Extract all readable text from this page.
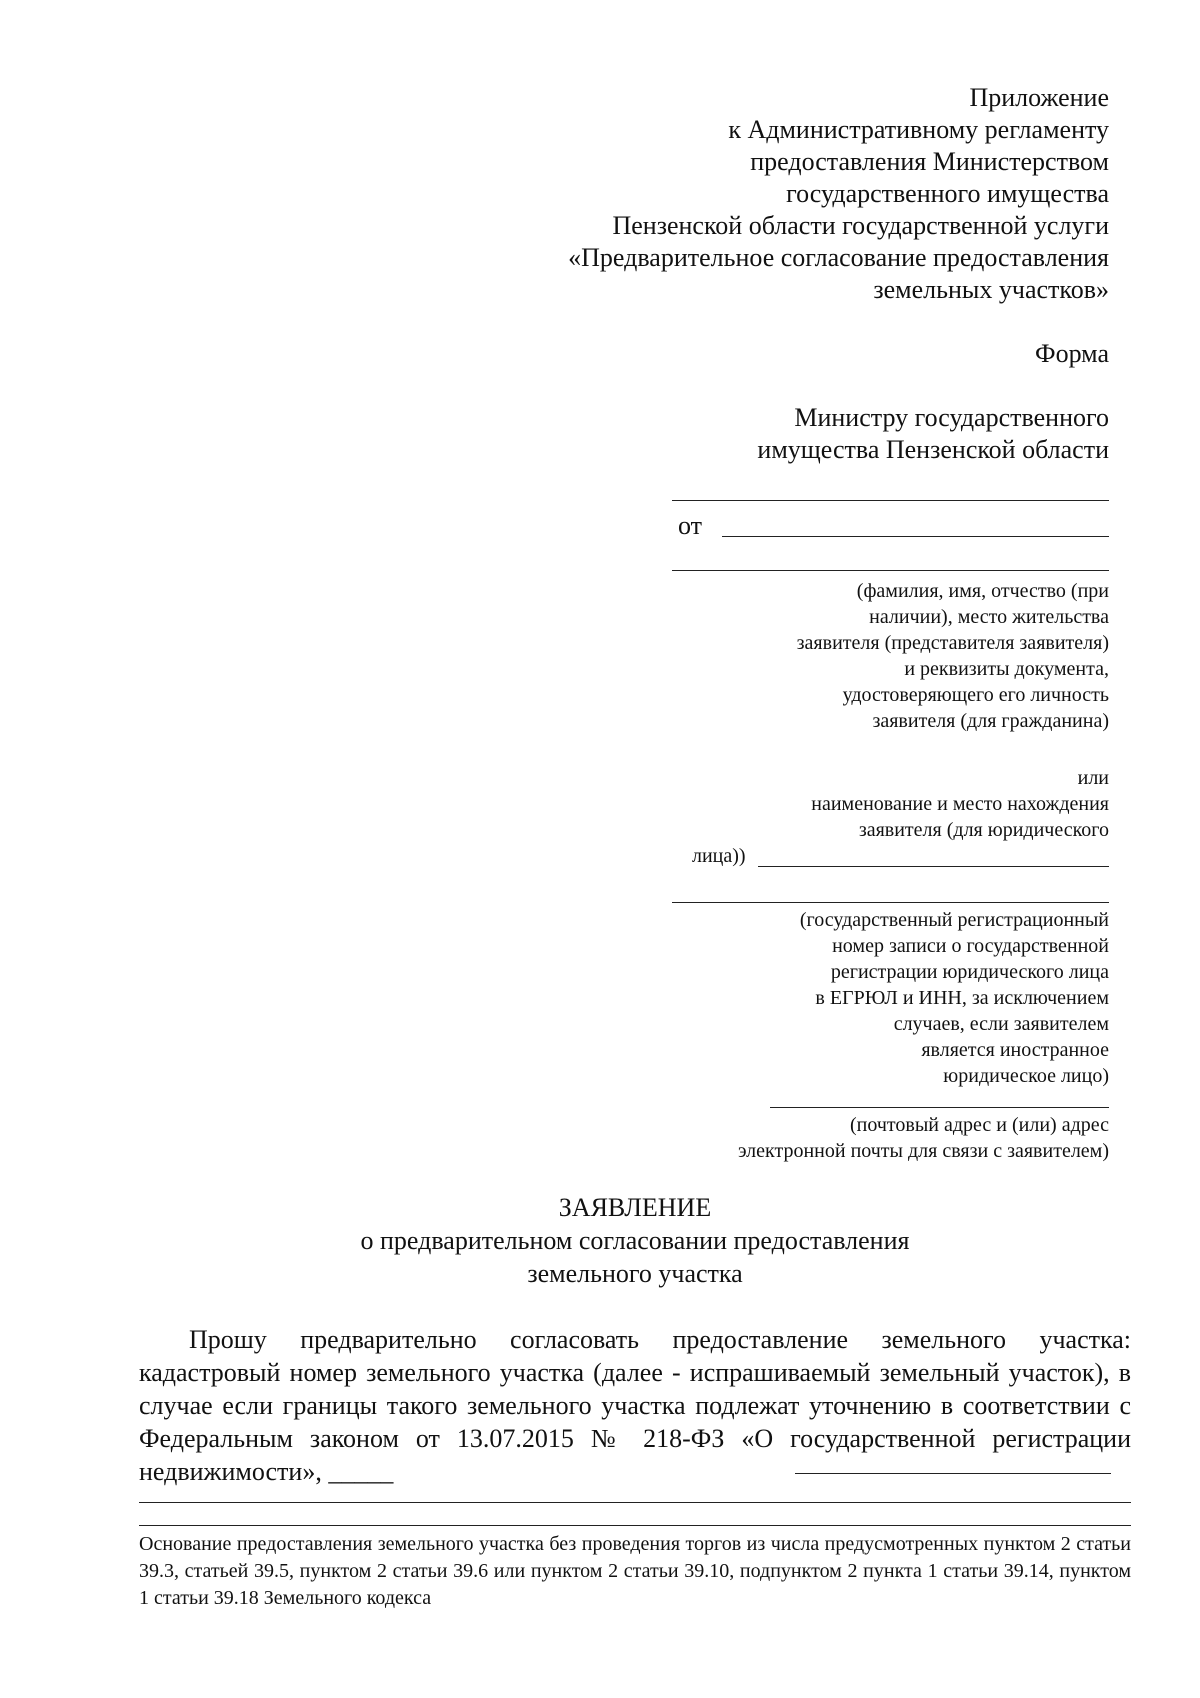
Приложение
к Административному регламенту
предоставления Министерством
государственного имущества
Пензенской области государственной услуги
«Предварительное согласование предоставления
земельных участков»
Форма
Министру государственного
имущества Пензенской области
от
(фамилия, имя, отчество (при
наличии), место жительства
заявителя (представителя заявителя)
и реквизиты документа,
удостоверяющего его личность
заявителя (для гражданина)
или
наименование и место нахождения
заявителя (для юридического
лица))
(государственный регистрационный
номер записи о государственной
регистрации юридического лица
в ЕГРЮЛ и ИНН, за исключением
случаев, если заявителем
является иностранное
юридическое лицо)
(почтовый адрес и (или) адрес
электронной почты для связи с заявителем)
ЗАЯВЛЕНИЕ
о предварительном согласовании предоставления
земельного участка

Прошу предварительно согласовать предоставление земельного участка: кадастровый номер земельного участка (далее - испрашиваемый земельный участок), в случае если границы такого земельного участка подлежат уточнению в соответствии с Федеральным законом от 13.07.2015 № 218-ФЗ «О государственной регистрации недвижимости», _____

Основание предоставления земельного участка без проведения торгов из числа предусмотренных пунктом 2 статьи 39.3, статьей 39.5, пунктом 2 статьи 39.6 или пунктом 2 статьи 39.10, подпунктом 2 пункта 1 статьи 39.14, пунктом 1 статьи 39.18 Земельного кодекса
